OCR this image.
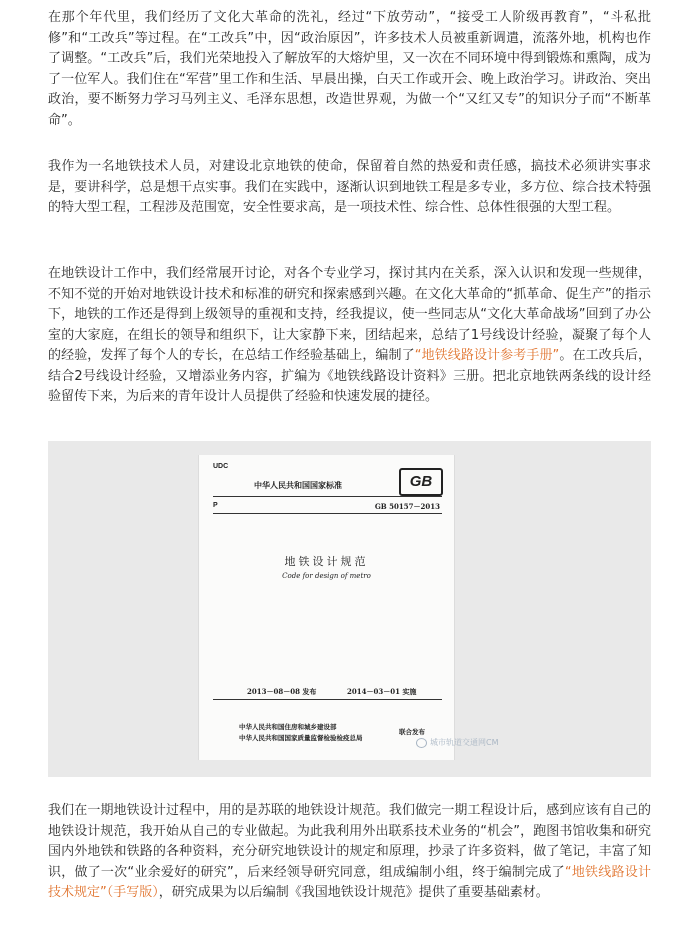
在那个年代里，我们经历了文化大革命的洗礼，经过“下放劳动”，“接受工人阶级再教育”，“斗私批修”和“工改兵”等过程。在“工改兵”中，因“政治原因”，许多技术人员被重新调遣，流落外地，机构也作了调整。“工改兵”后，我们光荣地投入了解放军的大熔炉里，又一次在不同环境中得到锻炼和熏陶，成为了一位军人。我们住在“军营”里工作和生活、早晨出操，白天工作或开会、晚上政治学习。讲政治、突出政治，要不断努力学习马列主义、毛泽东思想，改造世界观，为做一个“又红又专”的知识分子而“不断革命”。

我作为一名地铁技术人员，对建设北京地铁的使命，保留着自然的热爱和责任感，搞技术必须讲实事求是，要讲科学，总是想干点实事。我们在实践中，逐渐认识到地铁工程是多专业，多方位、综合技术特强的特大型工程，工程涉及范围宽，安全性要求高，是一项技术性、综合性、总体性很强的大型工程。

在地铁设计工作中，我们经常展开讨论，对各个专业学习，探讨其内在关系，深入认识和发现一些规律，不知不觉的开始对地铁设计技术和标准的研究和探索感到兴趣。在文化大革命的“抓革命、促生产”的指示下，地铁的工作还是得到上级领导的重视和支持，经我提议，使一些同志从“文化大革命战场”回到了办公室的大家庭，在组长的领导和组织下，让大家静下来，团结起来，总结了1号线设计经验，凝聚了每个人的经验，发挥了每个人的专长，在总结工作经验基础上，编制了“地铁线路设计参考手册”。在工改兵后，结合2号线设计经验，又增添业务内容，扩编为《地铁线路设计资料》三册。把北京地铁两条线的设计经验留传下来，为后来的青年设计人员提供了经验和快速发展的捷径。

UDC
中华人民共和国国家标准	GB
P	GB 50157－2013
地铁设计规范
Code for design of metro
2013－08－08 发布	2014－03－01 实施
中华人民共和国住房和城乡建设部
中华人民共和国国家质量监督检验检疫总局
联合发布
城市轨道交通网CM

我们在一期地铁设计过程中，用的是苏联的地铁设计规范。我们做完一期工程设计后，感到应该有自己的地铁设计规范，我开始从自己的专业做起。为此我利用外出联系技术业务的“机会”，跑图书馆收集和研究国内外地铁和铁路的各种资料，充分研究地铁设计的规定和原理，抄录了许多资料，做了笔记，丰富了知识，做了一次“业余爱好的研究”，后来经领导研究同意，组成编制小组，终于编制完成了“地铁线路设计技术规定”（手写版），研究成果为以后编制《我国地铁设计规范》提供了重要基础素材。
